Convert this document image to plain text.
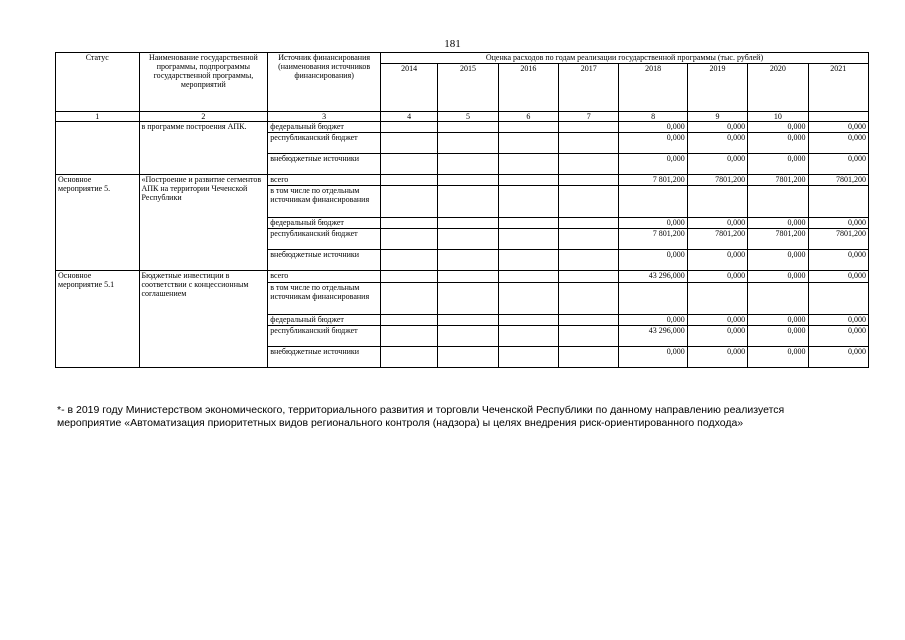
181
Статус	Наименование государственной программы, подпрограммы государственной программы, мероприятий	Источник финансирования (наименования источников финансирования)	Оценка расходов по годам реализации государственной программы (тыс. рублей)							
			2014	2015	2016	2017	2018	2019	2020	2021
1	2	3	4	5	6	7	8	9	10	
	в программе построения АПК.	федеральный бюджет					0,000	0,000	0,000	0,000
		республиканский бюджет					0,000	0,000	0,000	0,000
		внебюджетные источники					0,000	0,000	0,000	0,000
Основное мероприятие 5.	«Построение и развитие сегментов АПК на территории Чеченской Республики	всего					7 801,200	7801,200	7801,200	7801,200
		в том числе по отдельным источникам финансирования								
		федеральный бюджет					0,000	0,000	0,000	0,000
		республиканский бюджет					7 801,200	7801,200	7801,200	7801,200
		внебюджетные источники					0,000	0,000	0,000	0,000
Основное мероприятие 5.1	Бюджетные инвестиции в соответствии с концессионным соглашением	всего					43 296,000	0,000	0,000	0,000
		в том числе по отдельным источникам финансирования								
		федеральный бюджет					0,000	0,000	0,000	0,000
		республиканский бюджет					43 296,000	0,000	0,000	0,000
		внебюджетные источники					0,000	0,000	0,000	0,000
*- в 2019 году Министерством экономического, территориального развития и торговли Чеченской Республики по данному направлению реализуется мероприятие «Автоматизация приоритетных видов регионального контроля (надзора) ы целях внедрения риск-ориентированного подхода»
